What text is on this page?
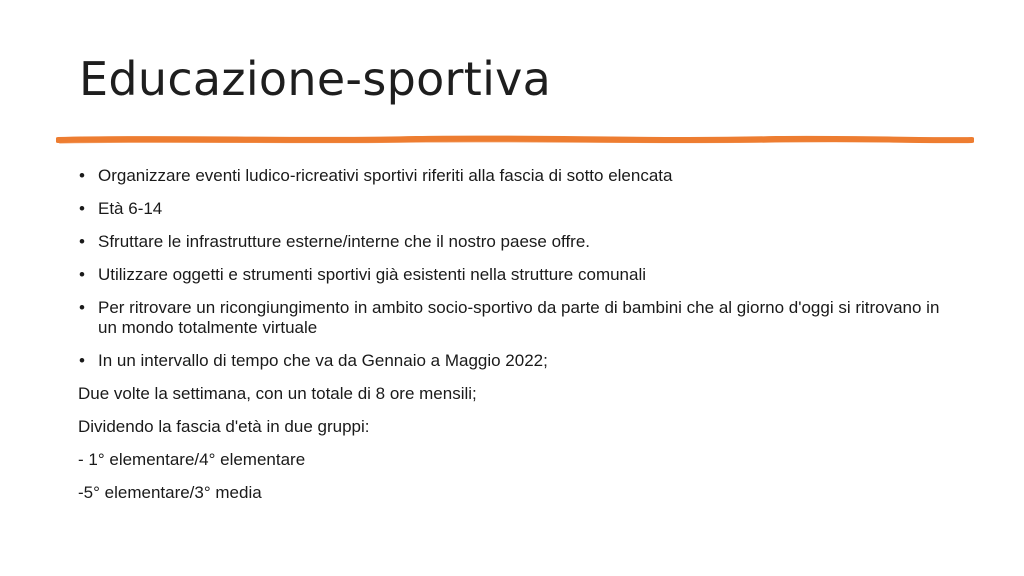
Educazione-sportiva
• Organizzare eventi ludico-ricreativi sportivi riferiti alla fascia di sotto elencata
• Età 6-14
• Sfruttare le infrastrutture esterne/interne che il nostro paese offre.
• Utilizzare oggetti e strumenti sportivi già esistenti nella strutture comunali
• Per ritrovare un ricongiungimento in ambito socio-sportivo da parte di bambini che al giorno d'oggi si ritrovano in un mondo totalmente virtuale
• In un intervallo di tempo che va da Gennaio a Maggio 2022;
Due volte la settimana, con un totale di 8 ore mensili;
Dividendo la fascia d'età in due gruppi:
- 1° elementare/4° elementare
-5° elementare/3° media
